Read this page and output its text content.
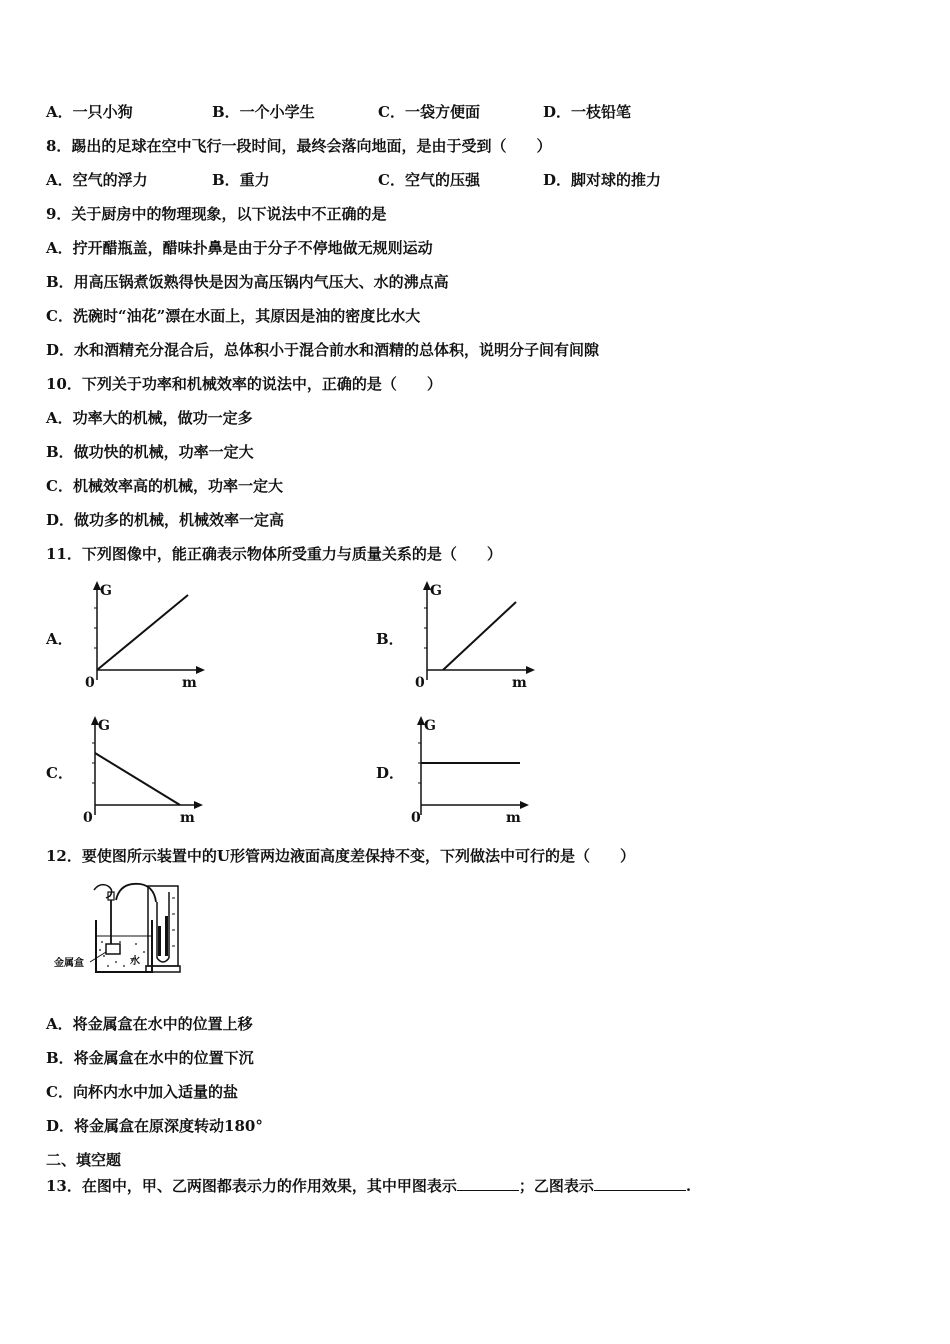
A．一只小狗	B．一个小学生	C．一袋方便面	D．一枝铅笔
8．踢出的足球在空中飞行一段时间，最终会落向地面，是由于受到（　　）
A．空气的浮力	B．重力	C．空气的压强	D．脚对球的推力
9．关于厨房中的物理现象，以下说法中不正确的是
A．拧开醋瓶盖，醋味扑鼻是由于分子不停地做无规则运动
B．用高压锅煮饭熟得快是因为高压锅内气压大、水的沸点高
C．洗碗时“油花”漂在水面上，其原因是油的密度比水大
D．水和酒精充分混合后，总体积小于混合前水和酒精的总体积，说明分子间有间隙
10．下列关于功率和机械效率的说法中，正确的是（　　）
A．功率大的机械，做功一定多
B．做功快的机械，功率一定大
C．机械效率高的机械，功率一定大
D．做功多的机械，机械效率一定高
11．下列图像中，能正确表示物体所受重力与质量关系的是（　　）
A．
G
0	m
B．
G
0	m
C．
G
0	m
D．
G
0	m
12．要使图所示装置中的U形管两边液面高度差保持不变，下列做法中可行的是（　　）
金属盒	水
A．将金属盒在水中的位置上移
B．将金属盒在水中的位置下沉
C．向杯内水中加入适量的盐
D．将金属盒在原深度转动180°
二、填空题
13．在图中，甲、乙两图都表示力的作用效果，其中甲图表示	；乙图表示	.
